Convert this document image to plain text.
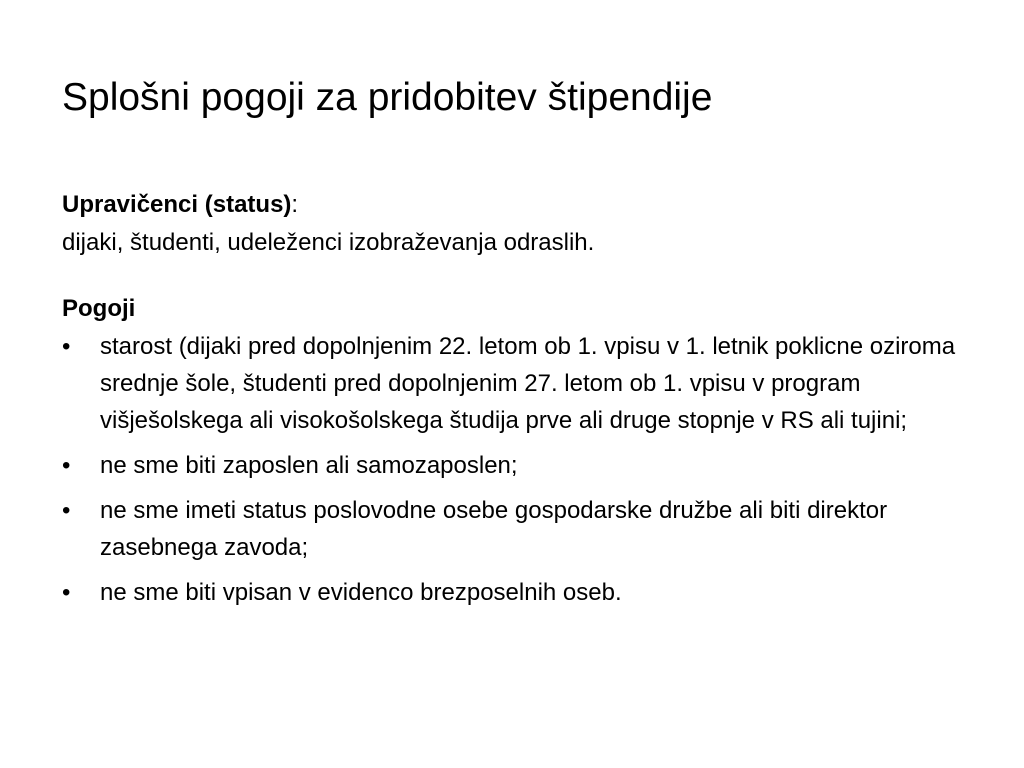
Splošni pogoji za pridobitev štipendije

Upravičenci (status):

dijaki, študenti, udeleženci izobraževanja odraslih.

Pogoji

• starost (dijaki pred dopolnjenim 22. letom ob 1. vpisu v 1. letnik poklicne oziroma srednje šole, študenti pred dopolnjenim 27. letom ob 1. vpisu v program višješolskega ali visokošolskega študija prve ali druge stopnje v RS ali tujini;
• ne sme biti zaposlen ali samozaposlen;
• ne sme imeti status poslovodne osebe gospodarske družbe ali biti direktor zasebnega zavoda;
• ne sme biti vpisan v evidenco brezposelnih oseb.
